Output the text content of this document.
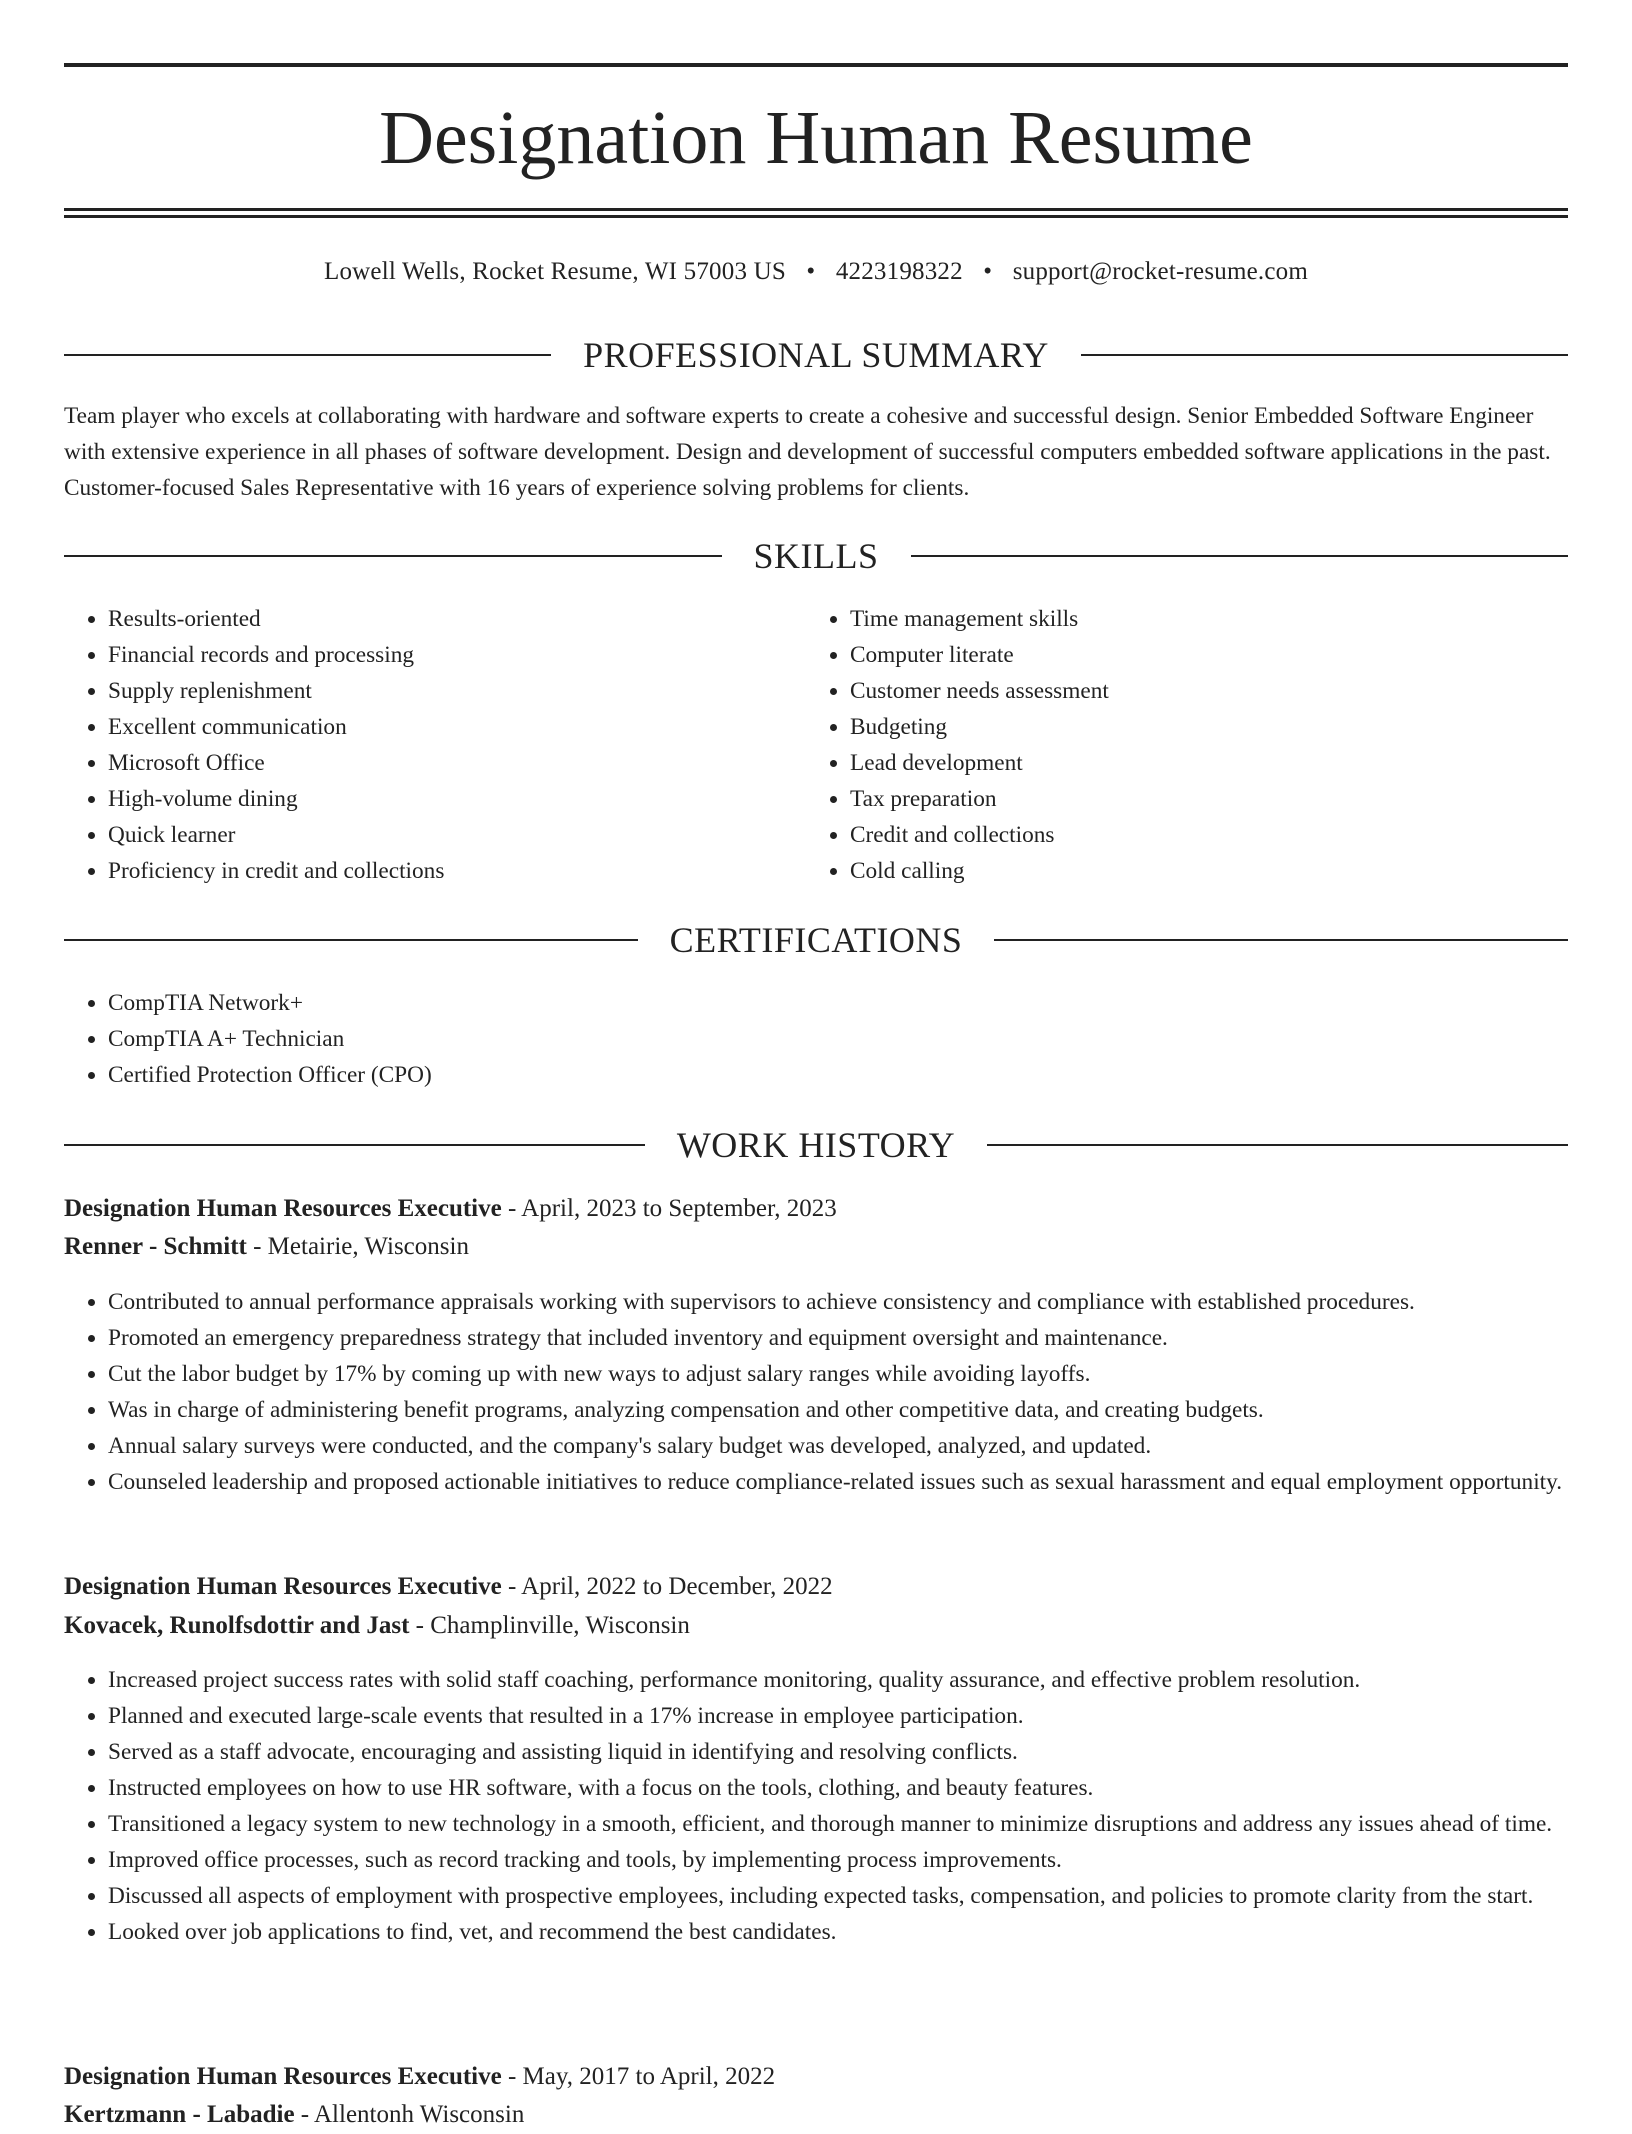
Designation Human Resume
Lowell Wells, Rocket Resume, WI 57003 US • 4223198322 • support@rocket-resume.com
PROFESSIONAL SUMMARY

Team player who excels at collaborating with hardware and software experts to create a cohesive and successful design. Senior Embedded Software Engineer with extensive experience in all phases of software development. Design and development of successful computers embedded software applications in the past. Customer-focused Sales Representative with 16 years of experience solving problems for clients.

SKILLS
• Results-oriented
• Financial records and processing
• Supply replenishment
• Excellent communication
• Microsoft Office
• High-volume dining
• Quick learner
• Proficiency in credit and collections
• Time management skills
• Computer literate
• Customer needs assessment
• Budgeting
• Lead development
• Tax preparation
• Credit and collections
• Cold calling
CERTIFICATIONS
• CompTIA Network+
• CompTIA A+ Technician
• Certified Protection Officer (CPO)
WORK HISTORY
Designation Human Resources Executive - April, 2023 to September, 2023
Renner - Schmitt - Metairie, Wisconsin
• Contributed to annual performance appraisals working with supervisors to achieve consistency and compliance with established procedures.
• Promoted an emergency preparedness strategy that included inventory and equipment oversight and maintenance.
• Cut the labor budget by 17% by coming up with new ways to adjust salary ranges while avoiding layoffs.
• Was in charge of administering benefit programs, analyzing compensation and other competitive data, and creating budgets.
• Annual salary surveys were conducted, and the company's salary budget was developed, analyzed, and updated.
• Counseled leadership and proposed actionable initiatives to reduce compliance-related issues such as sexual harassment and equal employment opportunity.
Designation Human Resources Executive - April, 2022 to December, 2022
Kovacek, Runolfsdottir and Jast - Champlinville, Wisconsin
• Increased project success rates with solid staff coaching, performance monitoring, quality assurance, and effective problem resolution.
• Planned and executed large-scale events that resulted in a 17% increase in employee participation.
• Served as a staff advocate, encouraging and assisting liquid in identifying and resolving conflicts.
• Instructed employees on how to use HR software, with a focus on the tools, clothing, and beauty features.
• Transitioned a legacy system to new technology in a smooth, efficient, and thorough manner to minimize disruptions and address any issues ahead of time.
• Improved office processes, such as record tracking and tools, by implementing process improvements.
• Discussed all aspects of employment with prospective employees, including expected tasks, compensation, and policies to promote clarity from the start.
• Looked over job applications to find, vet, and recommend the best candidates.
Designation Human Resources Executive - May, 2017 to April, 2022
Kertzmann - Labadie - Allentonh Wisconsin
